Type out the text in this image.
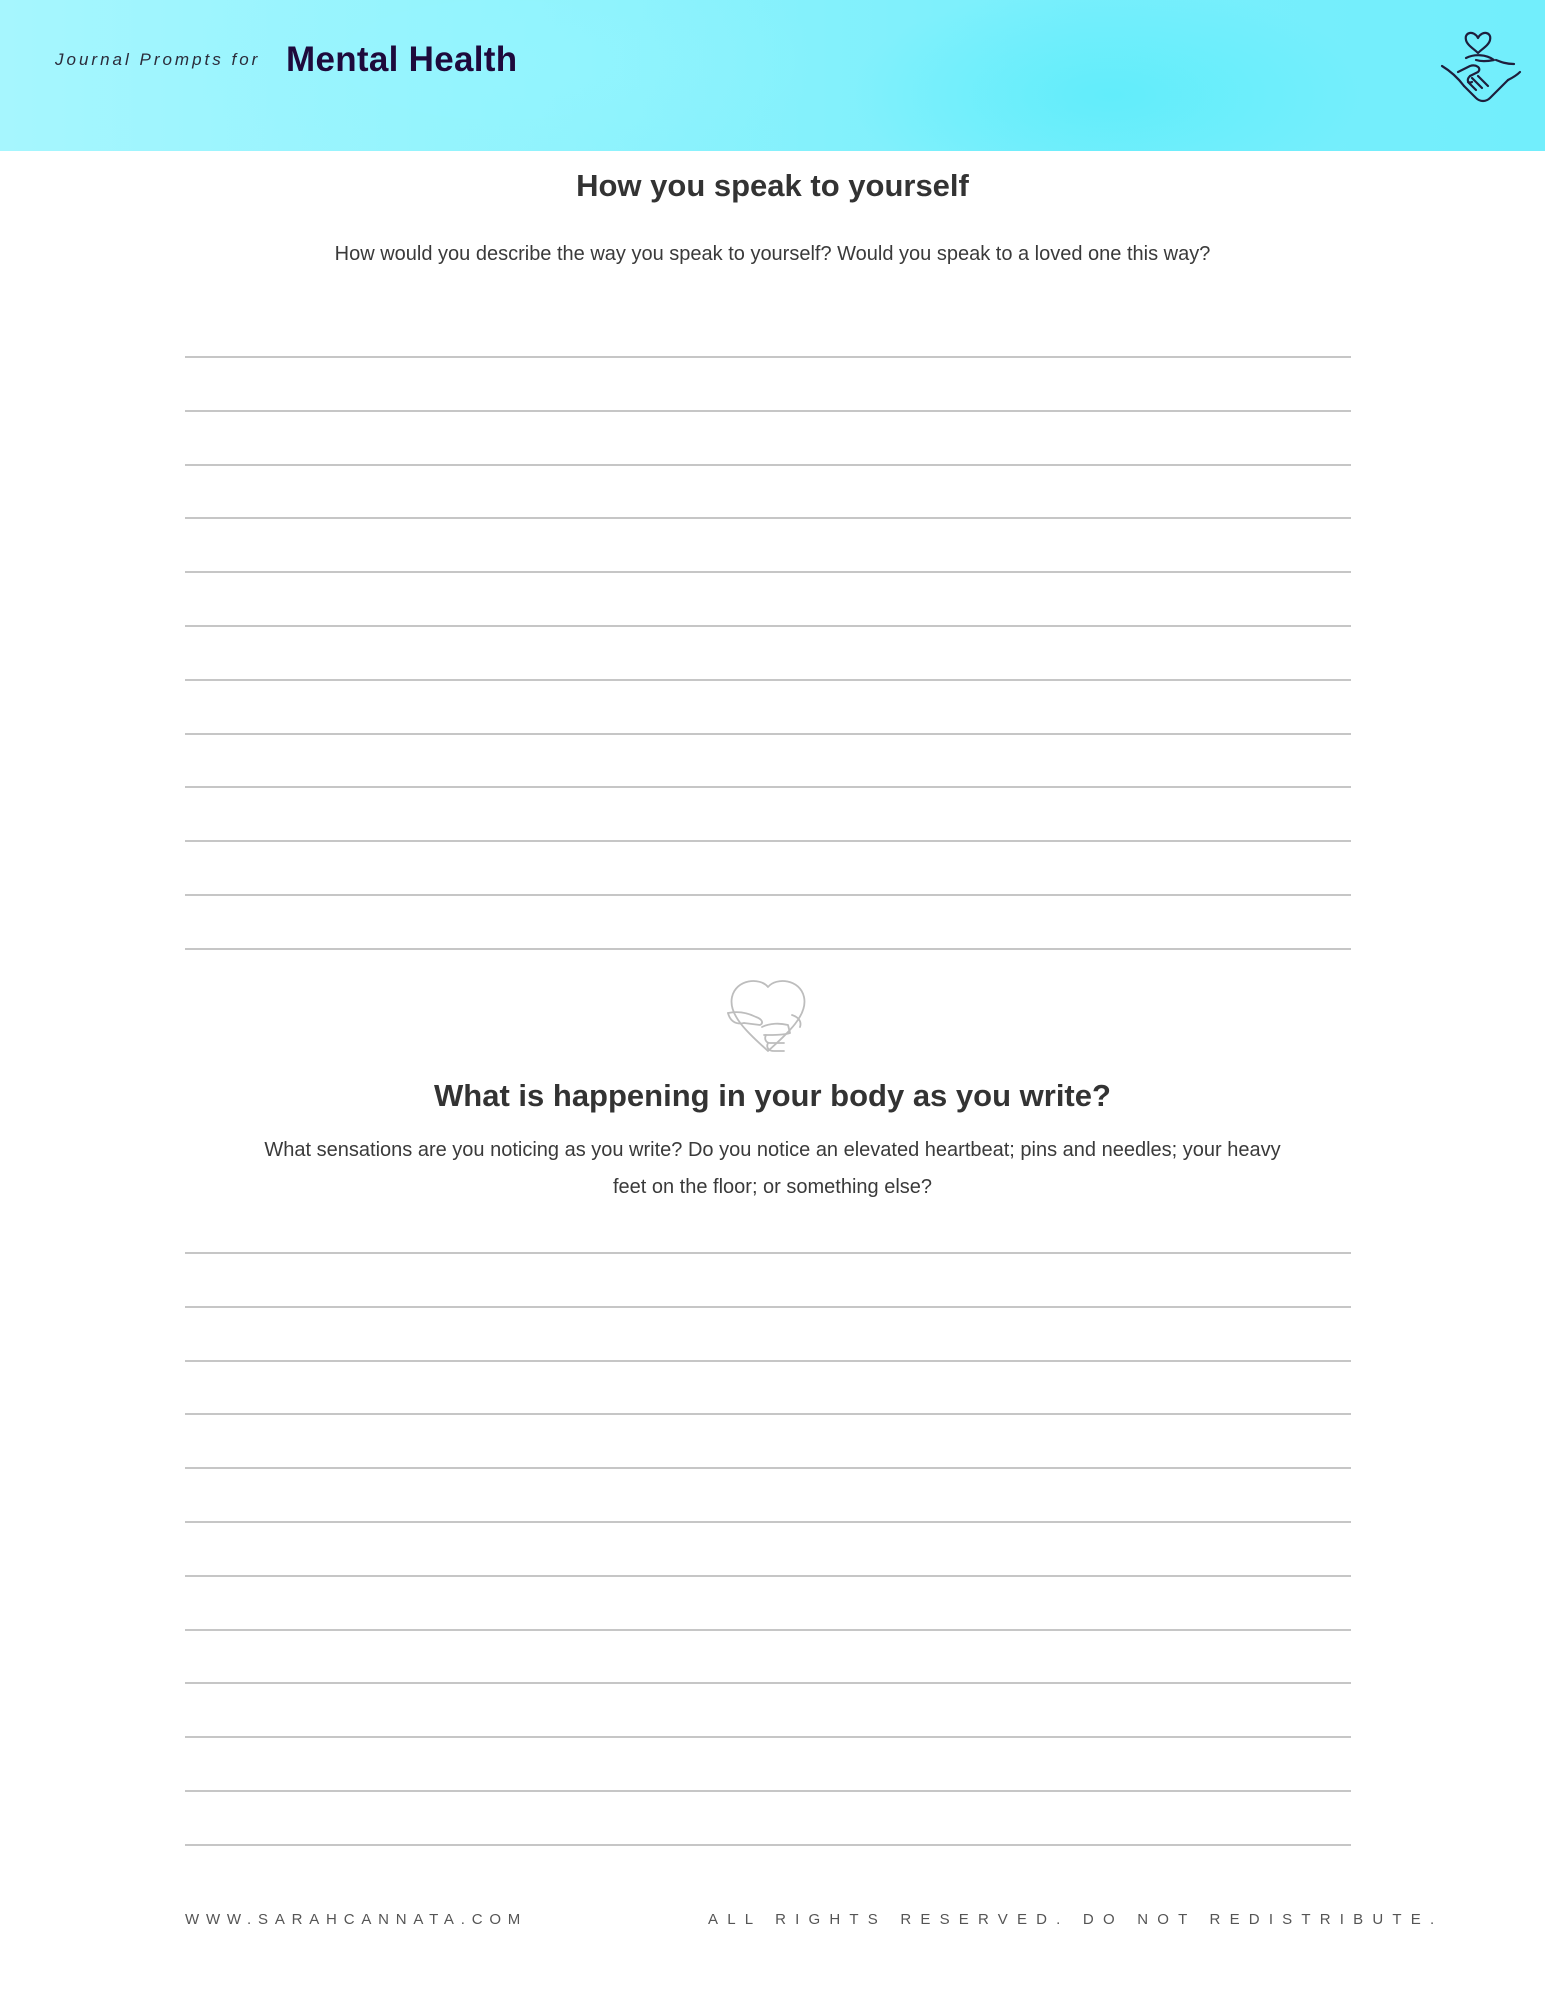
Journal Prompts for Mental Health
How you speak to yourself
How would you describe the way you speak to yourself? Would you speak to a loved one this way?
What is happening in your body as you write?
What sensations are you noticing as you write? Do you notice an elevated heartbeat; pins and needles; your heavy
feet on the floor; or something else?
WWW.SARAHCANNATA.COM	ALL RIGHTS RESERVED. DO NOT REDISTRIBUTE.
